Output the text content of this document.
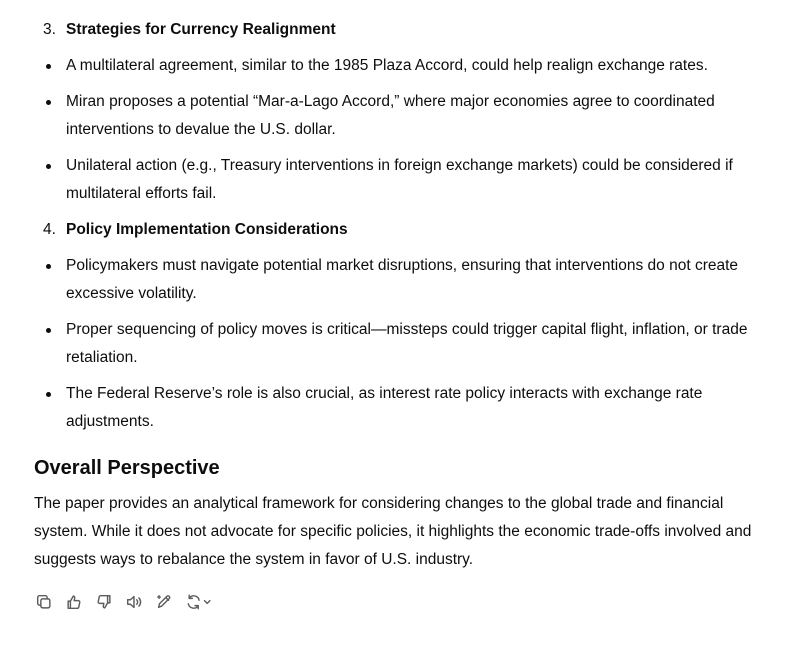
3. Strategies for Currency Realignment
A multilateral agreement, similar to the 1985 Plaza Accord, could help realign exchange rates.
Miran proposes a potential “Mar-a-Lago Accord,” where major economies agree to coordinated interventions to devalue the U.S. dollar.
Unilateral action (e.g., Treasury interventions in foreign exchange markets) could be considered if multilateral efforts fail.
4. Policy Implementation Considerations
Policymakers must navigate potential market disruptions, ensuring that interventions do not create excessive volatility.
Proper sequencing of policy moves is critical—missteps could trigger capital flight, inflation, or trade retaliation.
The Federal Reserve’s role is also crucial, as interest rate policy interacts with exchange rate adjustments.
Overall Perspective

The paper provides an analytical framework for considering changes to the global trade and financial system. While it does not advocate for specific policies, it highlights the economic trade-offs involved and suggests ways to rebalance the system in favor of U.S. industry.
